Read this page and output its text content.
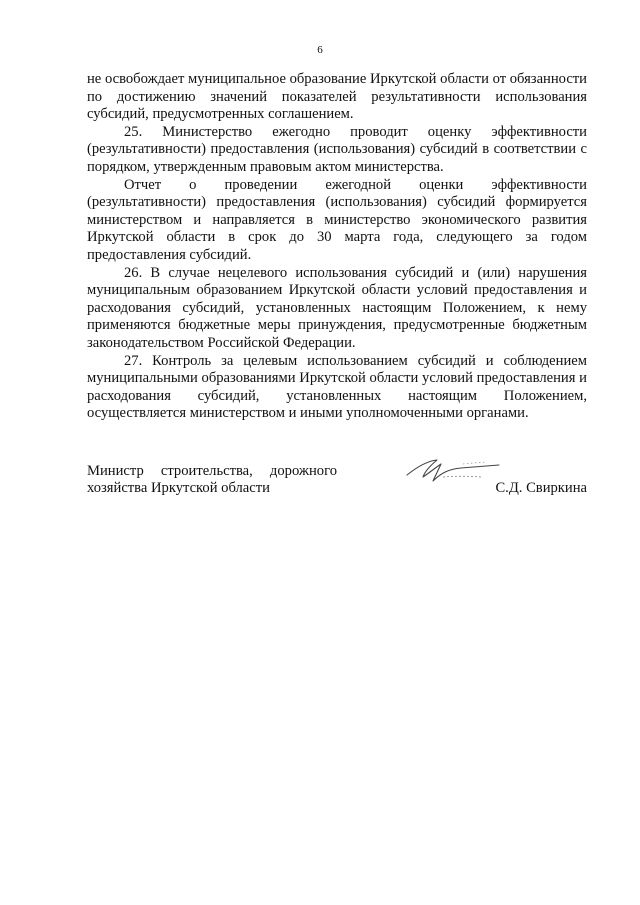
6

не освобождает муниципальное образование Иркутской области от обязанности по достижению значений показателей результативности использования субсидий, предусмотренных соглашением.

25. Министерство ежегодно проводит оценку эффективности (результативности) предоставления (использования) субсидий в соответствии с порядком, утвержденным правовым актом министерства.

Отчет о проведении ежегодной оценки эффективности (результативности) предоставления (использования) субсидий формируется министерством и направляется в министерство экономического развития Иркутской области в срок до 30 марта года, следующего за годом предоставления субсидий.

26. В случае нецелевого использования субсидий и (или) нарушения муниципальным образованием Иркутской области условий предоставления и расходования субсидий, установленных настоящим Положением, к нему применяются бюджетные меры принуждения, предусмотренные бюджетным законодательством Российской Федерации.

27. Контроль за целевым использованием субсидий и соблюдением муниципальными образованиями Иркутской области условий предоставления и расходования субсидий, установленных настоящим Положением, осуществляется министерством и иными уполномоченными органами.

Министр строительства, дорожного
хозяйства Иркутской области	С.Д. Свиркина
